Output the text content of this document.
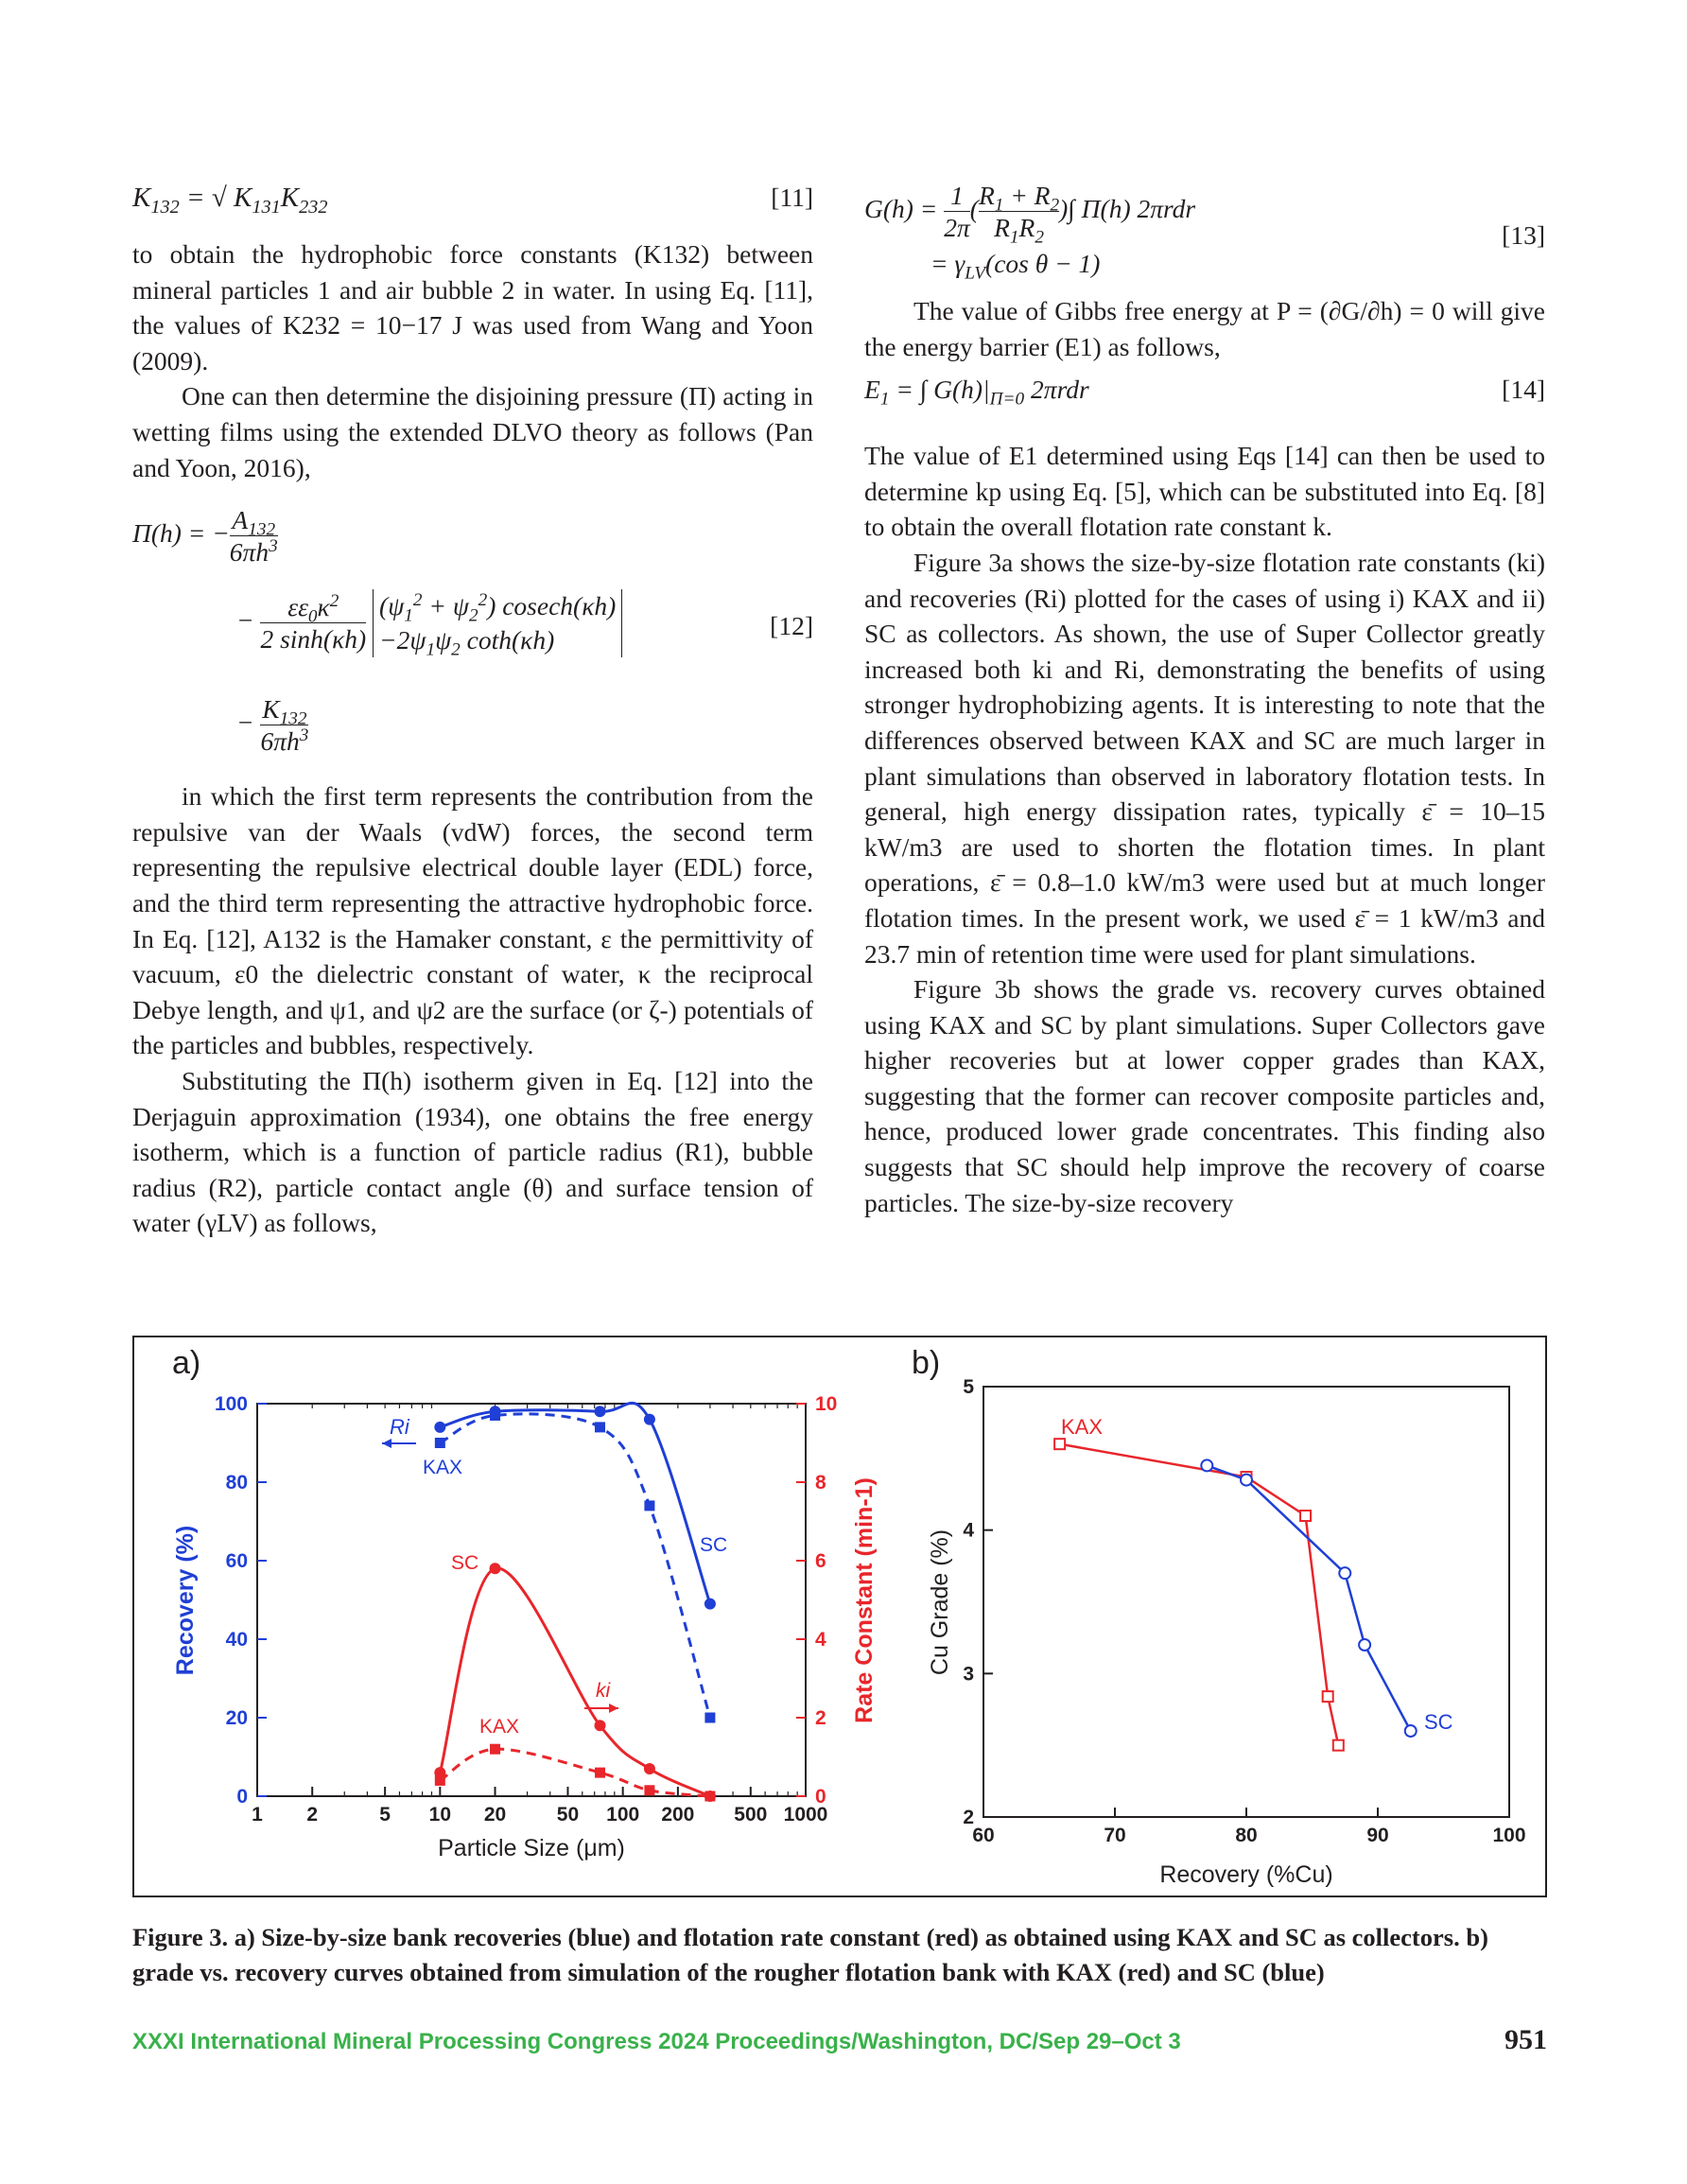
$K_{132}$ = √ $K_{131}K_{232}$	[11]

to obtain the hydrophobic force constants (K132) between mineral particles 1 and air bubble 2 in water. In using Eq. [11], the values of K232 = 10−17 J was used from Wang and Yoon (2009).

One can then determine the disjoining pressure (Π) acting in wetting films using the extended DLVO theory as follows (Pan and Yoon, 2016),

Π(h) = − $\frac{A_{132}}{6\pi h^3}$
− $\frac{\varepsilon\varepsilon_0\kappa^2}{2 \sinh(\kappa h)} (\psi_1^2 + \psi_2^2)$ cosech(κh)
$-2\psi_1\psi_2$ coth(κh)
− $\frac{K_{132}}{6\pi h^3}$
[12]

in which the first term represents the contribution from the repulsive van der Waals (vdW) forces, the second term representing the repulsive electrical double layer (EDL) force, and the third term representing the attractive hydrophobic force. In Eq. [12], A132 is the Hamaker constant, ε the permittivity of vacuum, ε0 the dielectric constant of water, κ the reciprocal Debye length, and ψ1, and ψ2 are the surface (or ζ-) potentials of the particles and bubbles, respectively.

Substituting the Π(h) isotherm given in Eq. [12] into the Derjaguin approximation (1934), one obtains the free energy isotherm, which is a function of particle radius (R1), bubble radius (R2), particle contact angle (θ) and surface tension of water (γLV) as follows,

$G(h) = \frac{1}{2\pi}$ ( $\frac{R_1 + R_2}{R_1R_2}$ )∫ Π(h) 2πrdr
= $\gamma_{LV}(\cos$ θ − 1)
[13]

The value of Gibbs free energy at P = (∂G/∂h) = 0 will give the energy barrier (E1) as follows,

$E_1$ = ∫ $G(h)|_{\Pi=0}$ 2πrdr	[14]

The value of E1 determined using Eqs [14] can then be used to determine kp using Eq. [5], which can be substituted into Eq. [8] to obtain the overall flotation rate constant k.

Figure 3a shows the size-by-size flotation rate constants (ki) and recoveries (Ri) plotted for the cases of using i) KAX and ii) SC as collectors. As shown, the use of Super Collector greatly increased both ki and Ri, demonstrating the benefits of using stronger hydrophobizing agents. It is interesting to note that the differences observed between KAX and SC are much larger in plant simulations than observed in laboratory flotation tests. In general, high energy dissipation rates, typically ε̄ = 10–15 kW/m3 are used to shorten the flotation times. In plant operations, ε̄ = 0.8–1.0 kW/m3 were used but at much longer flotation times. In the present work, we used ε̄ = 1 kW/m3 and 23.7 min of retention time were used for plant simulations.

Figure 3b shows the grade vs. recovery curves obtained using KAX and SC by plant simulations. Super Collectors gave higher recoveries but at lower copper grades than KAX, suggesting that the former can recover composite particles and, hence, produced lower grade concentrates. This finding also suggests that SC should help improve the recovery of coarse particles. The size-by-size recovery

a)
1 2	5 10 20	50 100 200 500 1000
0
20
40
60
80
100
0
2
4
6
8
10
Particle Size (μm)
Recovery (%)	Rate Constant (min-1)
Ri
KAX
SC
SC
ki
KAX
b)
60	70	80	90	100
2
3
4
5
Recovery (%Cu)
Cu Grade (%)
KAX
SC
Figure 3. a) Size-by-size bank recoveries (blue) and flotation rate constant (red) as obtained using KAX and SC as collectors. b) grade vs. recovery curves obtained from simulation of the rougher flotation bank with KAX (red) and SC (blue)
XXXI International Mineral Processing Congress 2024 Proceedings/Washington, DC/Sep 29–Oct 3	951
